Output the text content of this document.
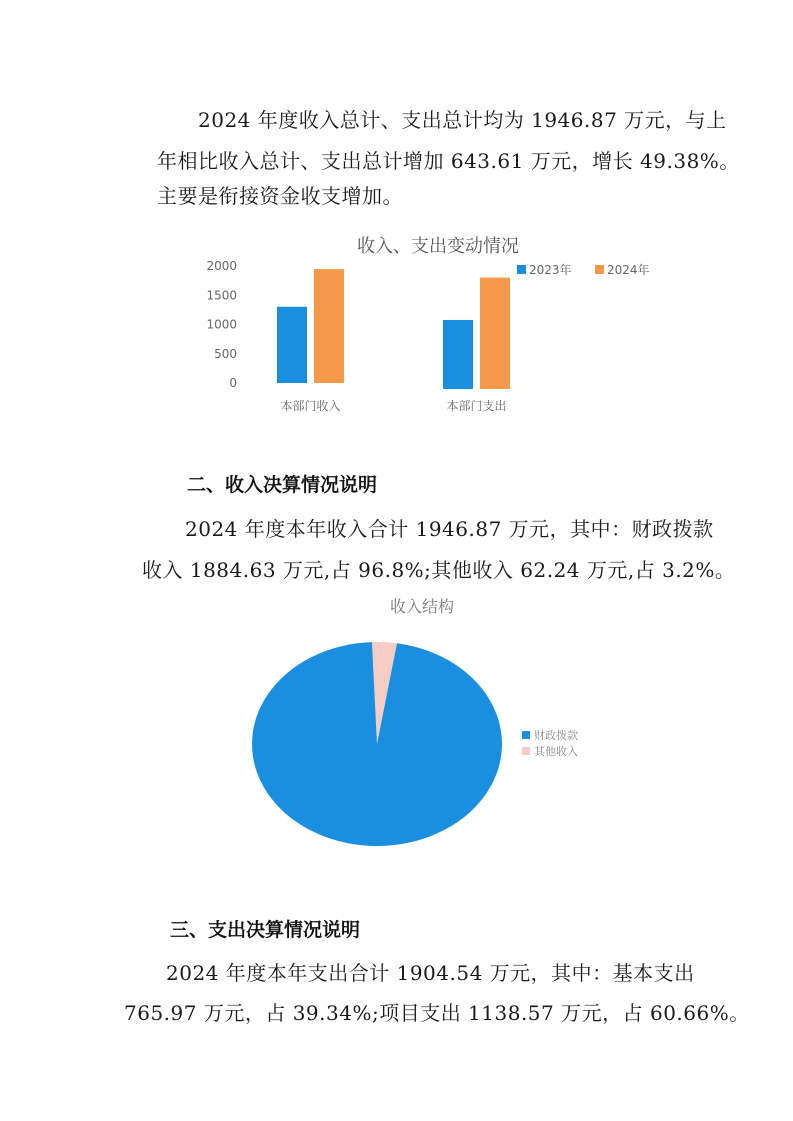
2024 年度收入总计、支出总计均为 1946.87 万元，与上

年相比收入总计、支出总计增加 643.61 万元，增长 49.38%。

主要是衔接资金收支增加。

收入、支出变动情况
2023年	2024年
0
500
1000
1500
2000
本部门收入	本部门支出
二、收入决算情况说明

2024 年度本年收入合计 1946.87 万元，其中：财政拨款

收入 1884.63 万元,占 96.8%;其他收入 62.24 万元,占 3.2%。

收入结构
财政拨款
其他收入
三、支出决算情况说明

2024 年度本年支出合计 1904.54 万元，其中：基本支出

765.97 万元，占 39.34%;项目支出 1138.57 万元，占 60.66%。
